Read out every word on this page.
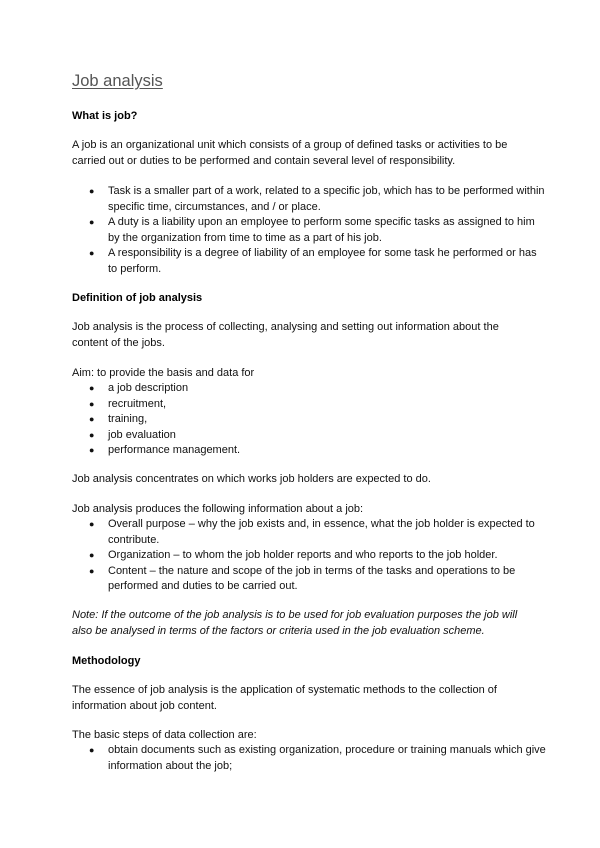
Job analysis
What is job?

A job is an organizational unit which consists of a group of defined tasks or activities to be carried out or duties to be performed and contain several level of responsibility.

● Task is a smaller part of a work, related to a specific job, which has to be performed within specific time, circumstances, and / or place.
● A duty is a liability upon an employee to perform some specific tasks as assigned to him by the organization from time to time as a part of his job.
● A responsibility is a degree of liability of an employee for some task he performed or has to perform.
Definition of job analysis

Job analysis is the process of collecting, analysing and setting out information about the content of the jobs.

Aim: to provide the basis and data for

● a job description
● recruitment,
● training,
● job evaluation
● performance management.

Job analysis concentrates on which works job holders are expected to do.

Job analysis produces the following information about a job:

● Overall purpose – why the job exists and, in essence, what the job holder is expected to contribute.
● Organization – to whom the job holder reports and who reports to the job holder.
● Content – the nature and scope of the job in terms of the tasks and operations to be performed and duties to be carried out.

Note: If the outcome of the job analysis is to be used for job evaluation purposes the job will also be analysed in terms of the factors or criteria used in the job evaluation scheme.

Methodology

The essence of job analysis is the application of systematic methods to the collection of information about job content.

The basic steps of data collection are:

● obtain documents such as existing organization, procedure or training manuals which give information about the job;
